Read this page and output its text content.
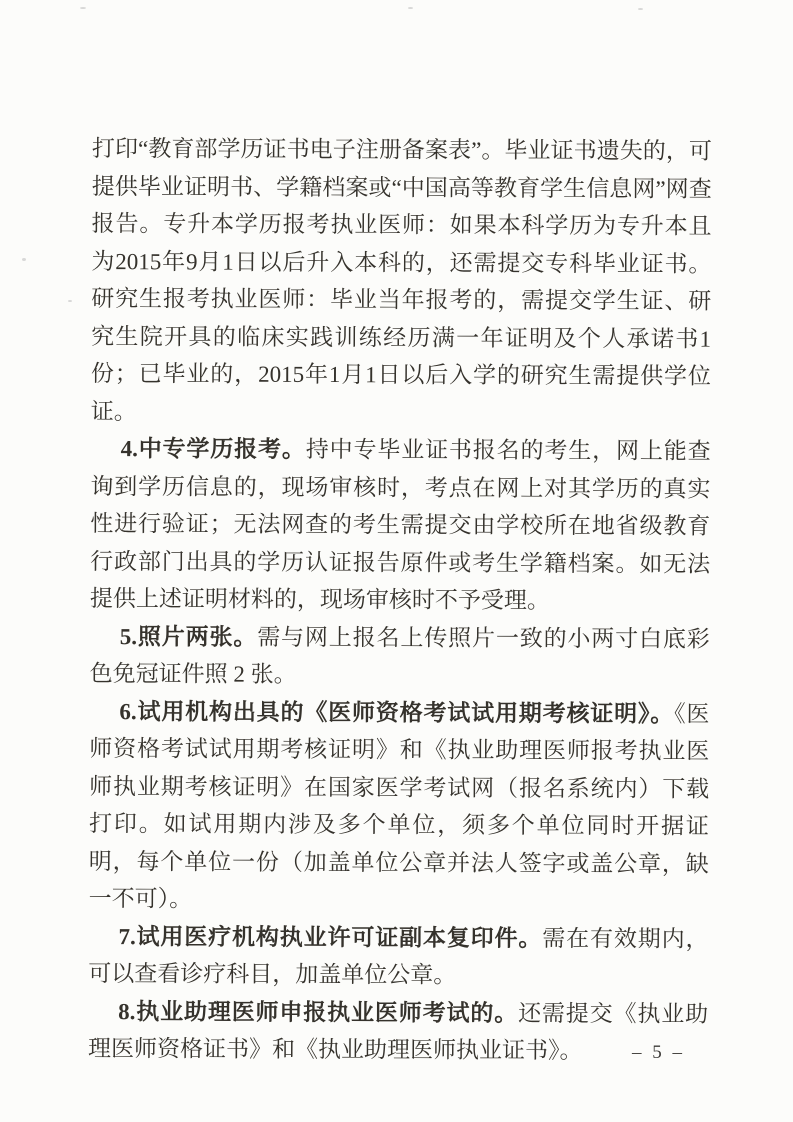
打印“教育部学历证书电子注册备案表”。毕业证书遗失的，可提供毕业证明书、学籍档案或“中国高等教育学生信息网”网查报告。专升本学历报考执业医师：如果本科学历为专升本且为2015年9月1日以后升入本科的，还需提交专科毕业证书。研究生报考执业医师：毕业当年报考的，需提交学生证、研究生院开具的临床实践训练经历满一年证明及个人承诺书1份；已毕业的，2015年1月1日以后入学的研究生需提供学位证。

4.中专学历报考。持中专毕业证书报名的考生，网上能查询到学历信息的，现场审核时，考点在网上对其学历的真实性进行验证；无法网查的考生需提交由学校所在地省级教育行政部门出具的学历认证报告原件或考生学籍档案。如无法提供上述证明材料的，现场审核时不予受理。

5.照片两张。需与网上报名上传照片一致的小两寸白底彩色免冠证件照 2 张。

6.试用机构出具的《医师资格考试试用期考核证明》。《医师资格考试试用期考核证明》和《执业助理医师报考执业医师执业期考核证明》在国家医学考试网（报名系统内）下载打印。如试用期内涉及多个单位，须多个单位同时开据证明，每个单位一份（加盖单位公章并法人签字或盖公章，缺一不可）。

7.试用医疗机构执业许可证副本复印件。需在有效期内，可以查看诊疗科目，加盖单位公章。

8.执业助理医师申报执业医师考试的。还需提交《执业助理医师资格证书》和《执业助理医师执业证书》。	– 5 –
